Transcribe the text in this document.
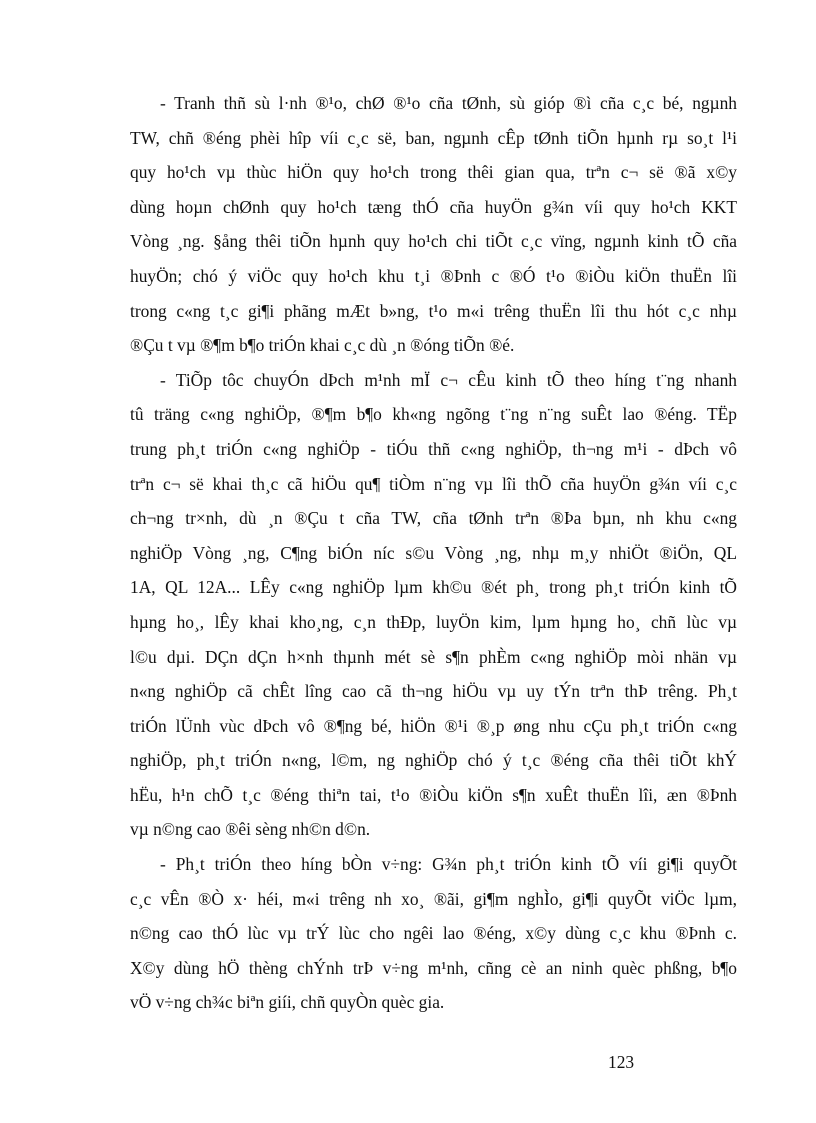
- Tranh thñ sù l·nh ®¹o, chØ ®¹o cña tØnh, sù gióp ®ì cña c¸c bé, ngµnh
TW, chñ ®éng phèi hîp víi c¸c së, ban, ngµnh cÊp tØnh tiÕn hµnh rµ so¸t l¹i
quy ho¹ch vµ thùc hiÖn quy ho¹ch trong thêi gian qua, trªn c¬ së ®ã x©y
dùng hoµn chØnh quy ho¹ch tæng thÓ cña huyÖn g¾n víi quy ho¹ch KKT
Vòng ¸ng. §ång thêi tiÕn hµnh quy ho¹ch chi tiÕt c¸c vïng, ngµnh kinh tÕ cña
huyÖn; chó ý viÖc quy ho¹ch khu t¸i ®Þnh c ®Ó t¹o ®iÒu kiÖn thuËn lîi
trong c«ng t¸c gi¶i phãng mÆt b»ng, t¹o m«i trêng thuËn lîi thu hót c¸c nhµ
®Çu t vµ ®¶m b¶o triÓn khai c¸c dù ¸n ®óng tiÕn ®é.
- TiÕp tôc chuyÓn dÞch m¹nh mÏ c¬ cÊu kinh tÕ theo híng t¨ng nhanh
tû träng c«ng nghiÖp, ®¶m b¶o kh«ng ngõng t¨ng n¨ng suÊt lao ®éng. TËp
trung ph¸t triÓn c«ng nghiÖp - tiÓu thñ c«ng nghiÖp, th¬ng m¹i - dÞch vô
trªn c¬ së khai th¸c cã hiÖu qu¶ tiÒm n¨ng vµ lîi thÕ cña huyÖn g¾n víi c¸c
ch¬ng tr×nh, dù ¸n ®Çu t cña TW, cña tØnh trªn ®Þa bµn, nh khu c«ng
nghiÖp Vòng ¸ng, C¶ng biÓn níc s©u Vòng ¸ng, nhµ m¸y nhiÖt ®iÖn, QL
1A, QL 12A... LÊy c«ng nghiÖp lµm kh©u ®ét ph¸ trong ph¸t triÓn kinh tÕ
hµng ho¸, lÊy khai kho¸ng, c¸n thÐp, luyÖn kim, lµm hµng ho¸ chñ lùc vµ
l©u dµi. DÇn dÇn h×nh thµnh mét sè s¶n phÈm c«ng nghiÖp mòi nhän vµ
n«ng nghiÖp cã chÊt lîng cao cã th¬ng hiÖu vµ uy tÝn trªn thÞ trêng. Ph¸t
triÓn lÜnh vùc dÞch vô ®¶ng bé, hiÖn ®¹i ®¸p øng nhu cÇu ph¸t triÓn c«ng
nghiÖp, ph¸t triÓn n«ng, l©m, ng nghiÖp chó ý t¸c ®éng cña thêi tiÕt khÝ
hËu, h¹n chÕ t¸c ®éng thiªn tai, t¹o ®iÒu kiÖn s¶n xuÊt thuËn lîi, æn ®Þnh
vµ n©ng cao ®êi sèng nh©n d©n.
- Ph¸t triÓn theo híng bÒn v÷ng: G¾n ph¸t triÓn kinh tÕ víi gi¶i quyÕt
c¸c vÊn ®Ò x· héi, m«i trêng nh xo¸ ®ãi, gi¶m nghÌo, gi¶i quyÕt viÖc lµm,
n©ng cao thÓ lùc vµ trÝ lùc cho ngêi lao ®éng, x©y dùng c¸c khu ®Þnh c.
X©y dùng hÖ thèng chÝnh trÞ v÷ng m¹nh, cñng cè an ninh quèc phßng, b¶o
vÖ v÷ng ch¾c biªn giíi, chñ quyÒn quèc gia.
123
